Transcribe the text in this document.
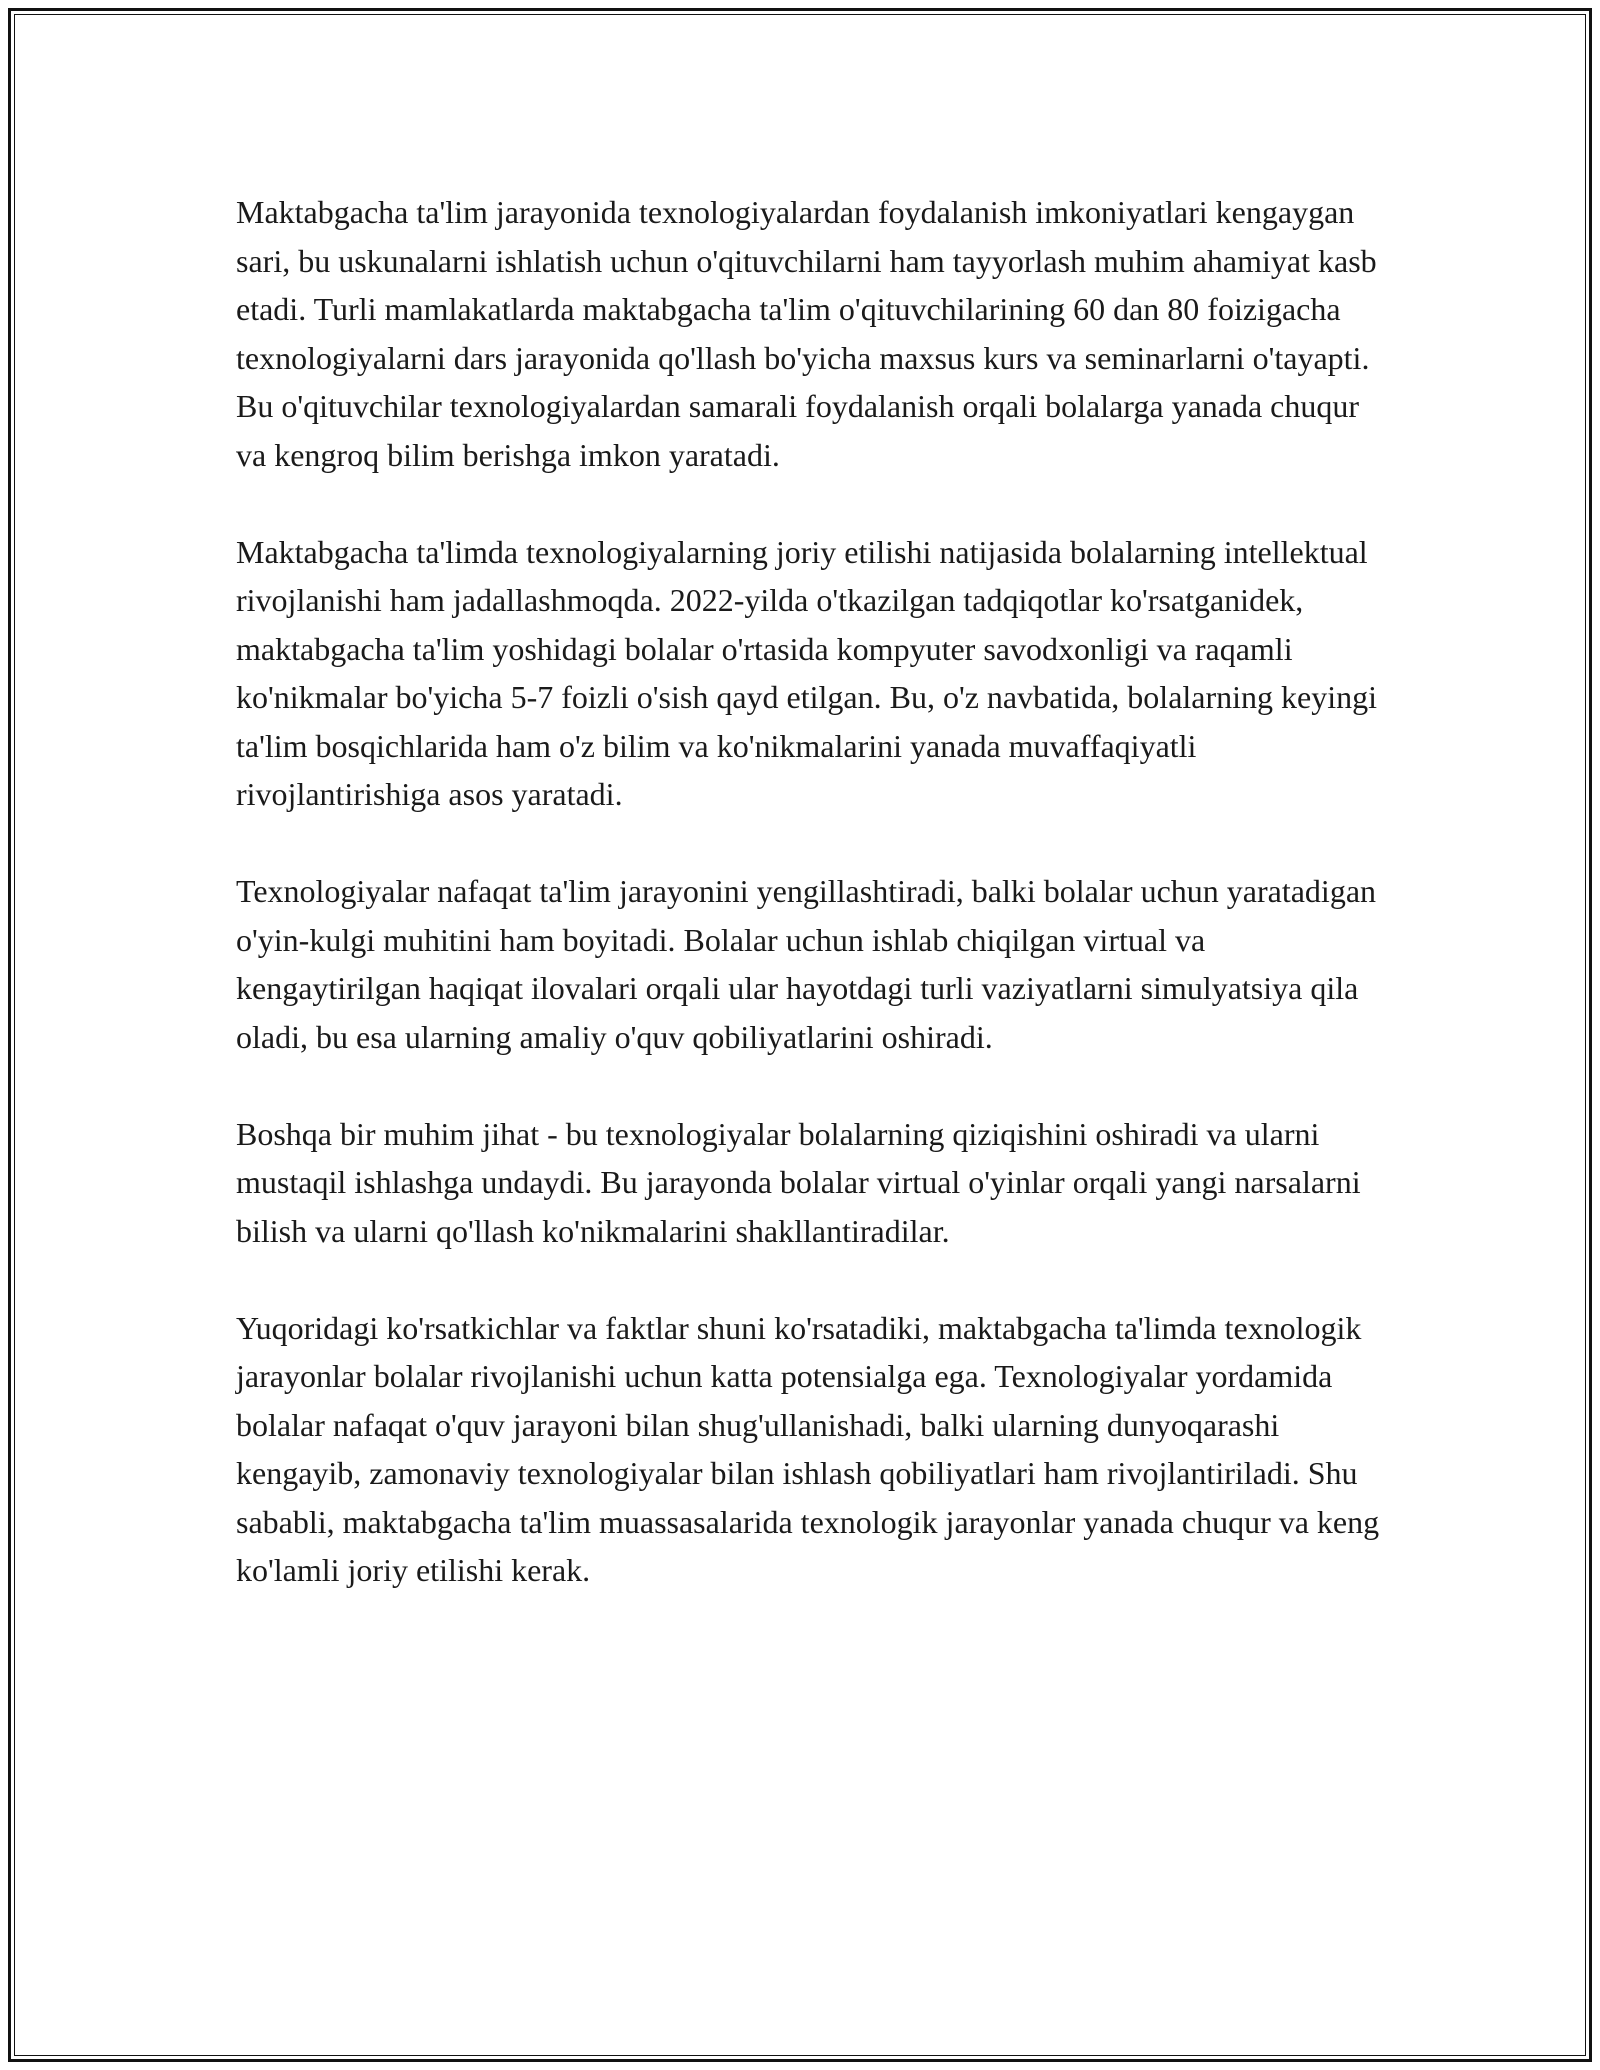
Maktabgacha ta'lim jarayonida texnologiyalardan foydalanish imkoniyatlari kengaygan sari, bu uskunalarni ishlatish uchun o'qituvchilarni ham tayyorlash muhim ahamiyat kasb etadi. Turli mamlakatlarda maktabgacha ta'lim o'qituvchilarining 60 dan 80 foizigacha texnologiyalarni dars jarayonida qo'llash bo'yicha maxsus kurs va seminarlarni o'tayapti. Bu o'qituvchilar texnologiyalardan samarali foydalanish orqali bolalarga yanada chuqur va kengroq bilim berishga imkon yaratadi.

Maktabgacha ta'limda texnologiyalarning joriy etilishi natijasida bolalarning intellektual rivojlanishi ham jadallashmoqda. 2022-yilda o'tkazilgan tadqiqotlar ko'rsatganidek, maktabgacha ta'lim yoshidagi bolalar o'rtasida kompyuter savodxonligi va raqamli ko'nikmalar bo'yicha 5-7 foizli o'sish qayd etilgan. Bu, o'z navbatida, bolalarning keyingi ta'lim bosqichlarida ham o'z bilim va ko'nikmalarini yanada muvaffaqiyatli rivojlantirishiga asos yaratadi.

Texnologiyalar nafaqat ta'lim jarayonini yengillashtiradi, balki bolalar uchun yaratadigan o'yin-kulgi muhitini ham boyitadi. Bolalar uchun ishlab chiqilgan virtual va kengaytirilgan haqiqat ilovalari orqali ular hayotdagi turli vaziyatlarni simulyatsiya qila oladi, bu esa ularning amaliy o'quv qobiliyatlarini oshiradi.

Boshqa bir muhim jihat - bu texnologiyalar bolalarning qiziqishini oshiradi va ularni mustaqil ishlashga undaydi. Bu jarayonda bolalar virtual o'yinlar orqali yangi narsalarni bilish va ularni qo'llash ko'nikmalarini shakllantiradilar.

Yuqoridagi ko'rsatkichlar va faktlar shuni ko'rsatadiki, maktabgacha ta'limda texnologik jarayonlar bolalar rivojlanishi uchun katta potensialga ega. Texnologiyalar yordamida bolalar nafaqat o'quv jarayoni bilan shug'ullanishadi, balki ularning dunyoqarashi kengayib, zamonaviy texnologiyalar bilan ishlash qobiliyatlari ham rivojlantiriladi. Shu sababli, maktabgacha ta'lim muassasalarida texnologik jarayonlar yanada chuqur va keng ko'lamli joriy etilishi kerak.
